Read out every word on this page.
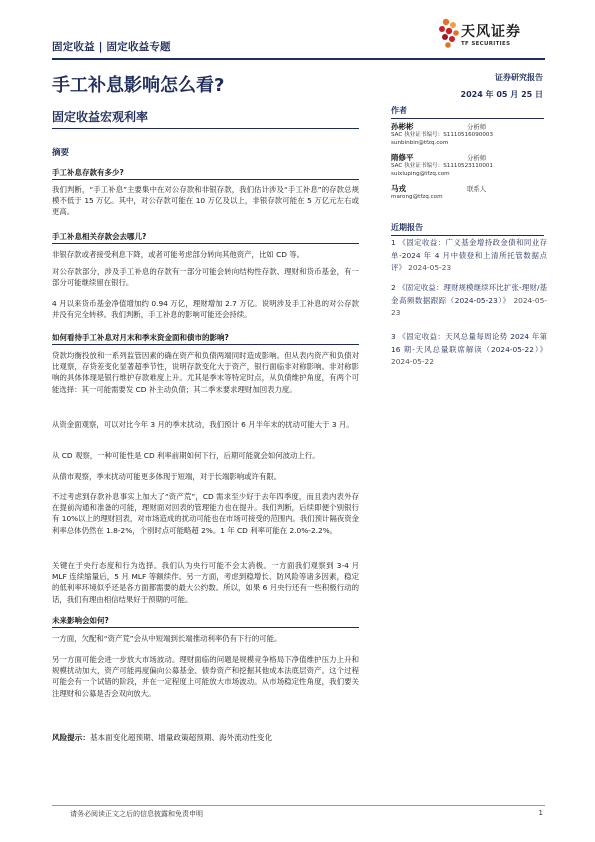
固定收益 | 固定收益专题
天风证券
TF SECURITIES
手工补息影响怎么看?
固定收益宏观利率
证券研究报告
2024 年 05 月 25 日
作者
孙彬彬	分析师
SAC 执业证书编号：S1110516090003
sunbinbin@tfzq.com
隋修平	分析师
SAC 执业证书编号：S1110523110001
suixiuping@tfzq.com
马戎	联系人
marong@tfzq.com
近期报告
1 《固定收益：广义基金增持政金债和同业存单-2024 年 4 月中债登和上清所托管数据点评》 2024-05-23
2 《固定收益：理财规模继续环比扩张-理财/基金高频数据跟踪（2024-05-23）》 2024-05-23
3 《固定收益：天风总量每周论势 2024 年第 16 期-天风总量联席解读（2024-05-22）》 2024-05-22
摘要
手工补息存款有多少?
我们判断，“手工补息”主要集中在对公存款和非银存款，我们估计涉及“手工补息”的存款总规模不低于 15 万亿。其中，对公存款可能在 10 万亿及以上，非银存款可能在 5 万亿元左右或更高。
手工补息相关存款会去哪儿?
非银存款或者接受利息下降，或者可能考虑部分转向其他资产，比如 CD 等。
对公存款部分，涉及手工补息的存款有一部分可能会转向结构性存款、理财和货币基金，有一部分可能继续留在银行。
4 月以来货币基金净值增加约 0.94 万亿，理财增加 2.7 万亿。说明涉及手工补息的对公存款并没有完全转移。我们判断，手工补息的影响可能还会持续。
如何看待手工补息对月末和季末资金面和债市的影响?
贷款均衡投放和一系列监管因素的确在资产和负债两端同时造成影响。但从表内资产和负债对比观察，存贷差变化显著超季节性，说明存款变化大于资产，银行面临非对称影响。非对称影响的具体体现是银行维护存款难度上升。尤其是季末等特定时点，从负债维护角度，有两个可能选择：其一可能需要发 CD 补主动负债；其二季末要求理财加回表力度。
从资金面观察，可以对比今年 3 月的季末扰动，我们预计 6 月半年末的扰动可能大于 3 月。
从 CD 观察，一种可能性是 CD 利率前期如何下行，后期可能就会如何波动上行。
从债市观察，季末扰动可能更多体现于短端，对于长端影响或许有限。
不过考虑到存款补息事实上加大了“资产荒”，CD 需求至少好于去年四季度，而且表内表外存在提前沟通和准备的可能，理财面对回表的管理能力也在提升。我们判断，后续即便个别银行有 10%以上的理财回表，对市场造成的扰动可能也在市场可接受的范围内。我们预计隔夜资金利率总体仍然在 1.8-2%，个别时点可能略超 2%。1 年 CD 利率可能在 2.0%-2.2%。
关键在于央行态度和行为选择。我们认为央行可能不会太消极。一方面我们观察到 3-4 月 MLF 连续缩量后，5 月 MLF 等额续作。另一方面，考虑到稳增长、防风险等诸多因素，稳定的低利率环境似乎还是各方面都需要的最大公约数。所以，如果 6 月央行还有一些积极行动的话，我们有理由相信结果好于预期的可能。
未来影响会如何?
一方面，欠配和“资产荒”会从中短端到长端推动利率仍有下行的可能。
另一方面可能会进一步放大市场波动。理财面临的问题是规模竞争格局下净值维护压力上升和规模扰动加大，资产可能再度偏向公募基金、债券资产和挖掘其他成本法底层资产。这个过程可能会有一个试错的阶段，并在一定程度上可能放大市场波动。从市场稳定性角度，我们要关注理财和公募是否会双向放大。
风险提示：基本面变化超预期、增量政策超预期、海外流动性变化
请务必阅读正文之后的信息披露和免责申明	1
